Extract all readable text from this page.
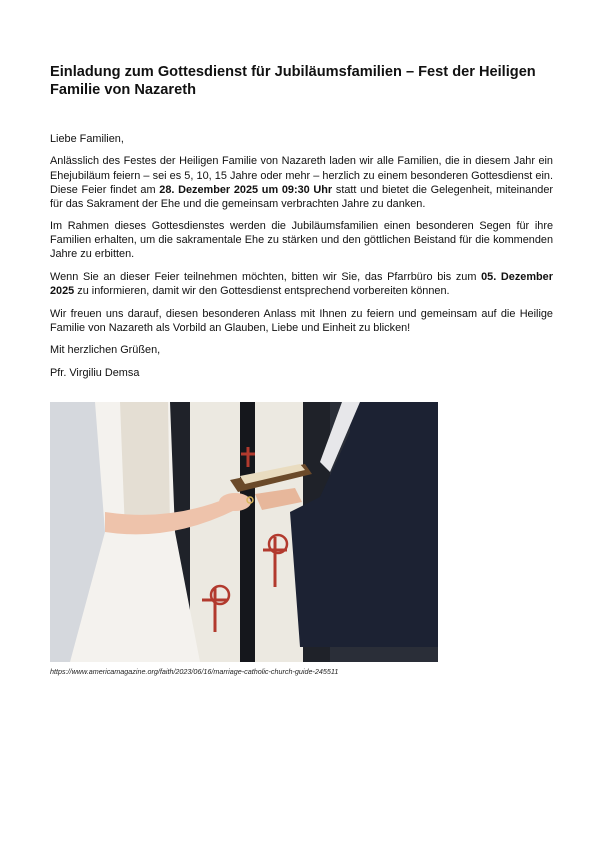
Einladung zum Gottesdienst für Jubiläumsfamilien – Fest der Heiligen Familie von Nazareth

Liebe Familien,

Anlässlich des Festes der Heiligen Familie von Nazareth laden wir alle Familien, die in diesem Jahr ein Ehejubiläum feiern – sei es 5, 10, 15 Jahre oder mehr – herzlich zu einem besonderen Gottesdienst ein. Diese Feier findet am 28. Dezember 2025 um 09:30 Uhr statt und bietet die Gelegenheit, miteinander für das Sakrament der Ehe und die gemeinsam verbrachten Jahre zu danken.

Im Rahmen dieses Gottesdienstes werden die Jubiläumsfamilien einen besonderen Segen für ihre Familien erhalten, um die sakramentale Ehe zu stärken und den göttlichen Beistand für die kommenden Jahre zu erbitten.

Wenn Sie an dieser Feier teilnehmen möchten, bitten wir Sie, das Pfarrbüro bis zum 05. Dezember 2025 zu informieren, damit wir den Gottesdienst entsprechend vorbereiten können.

Wir freuen uns darauf, diesen besonderen Anlass mit Ihnen zu feiern und gemeinsam auf die Heilige Familie von Nazareth als Vorbild an Glauben, Liebe und Einheit zu blicken!

Mit herzlichen Grüßen,

Pfr. Virgiliu Demsa

https://www.americamagazine.org/faith/2023/06/16/marriage-catholic-church-guide-245511
